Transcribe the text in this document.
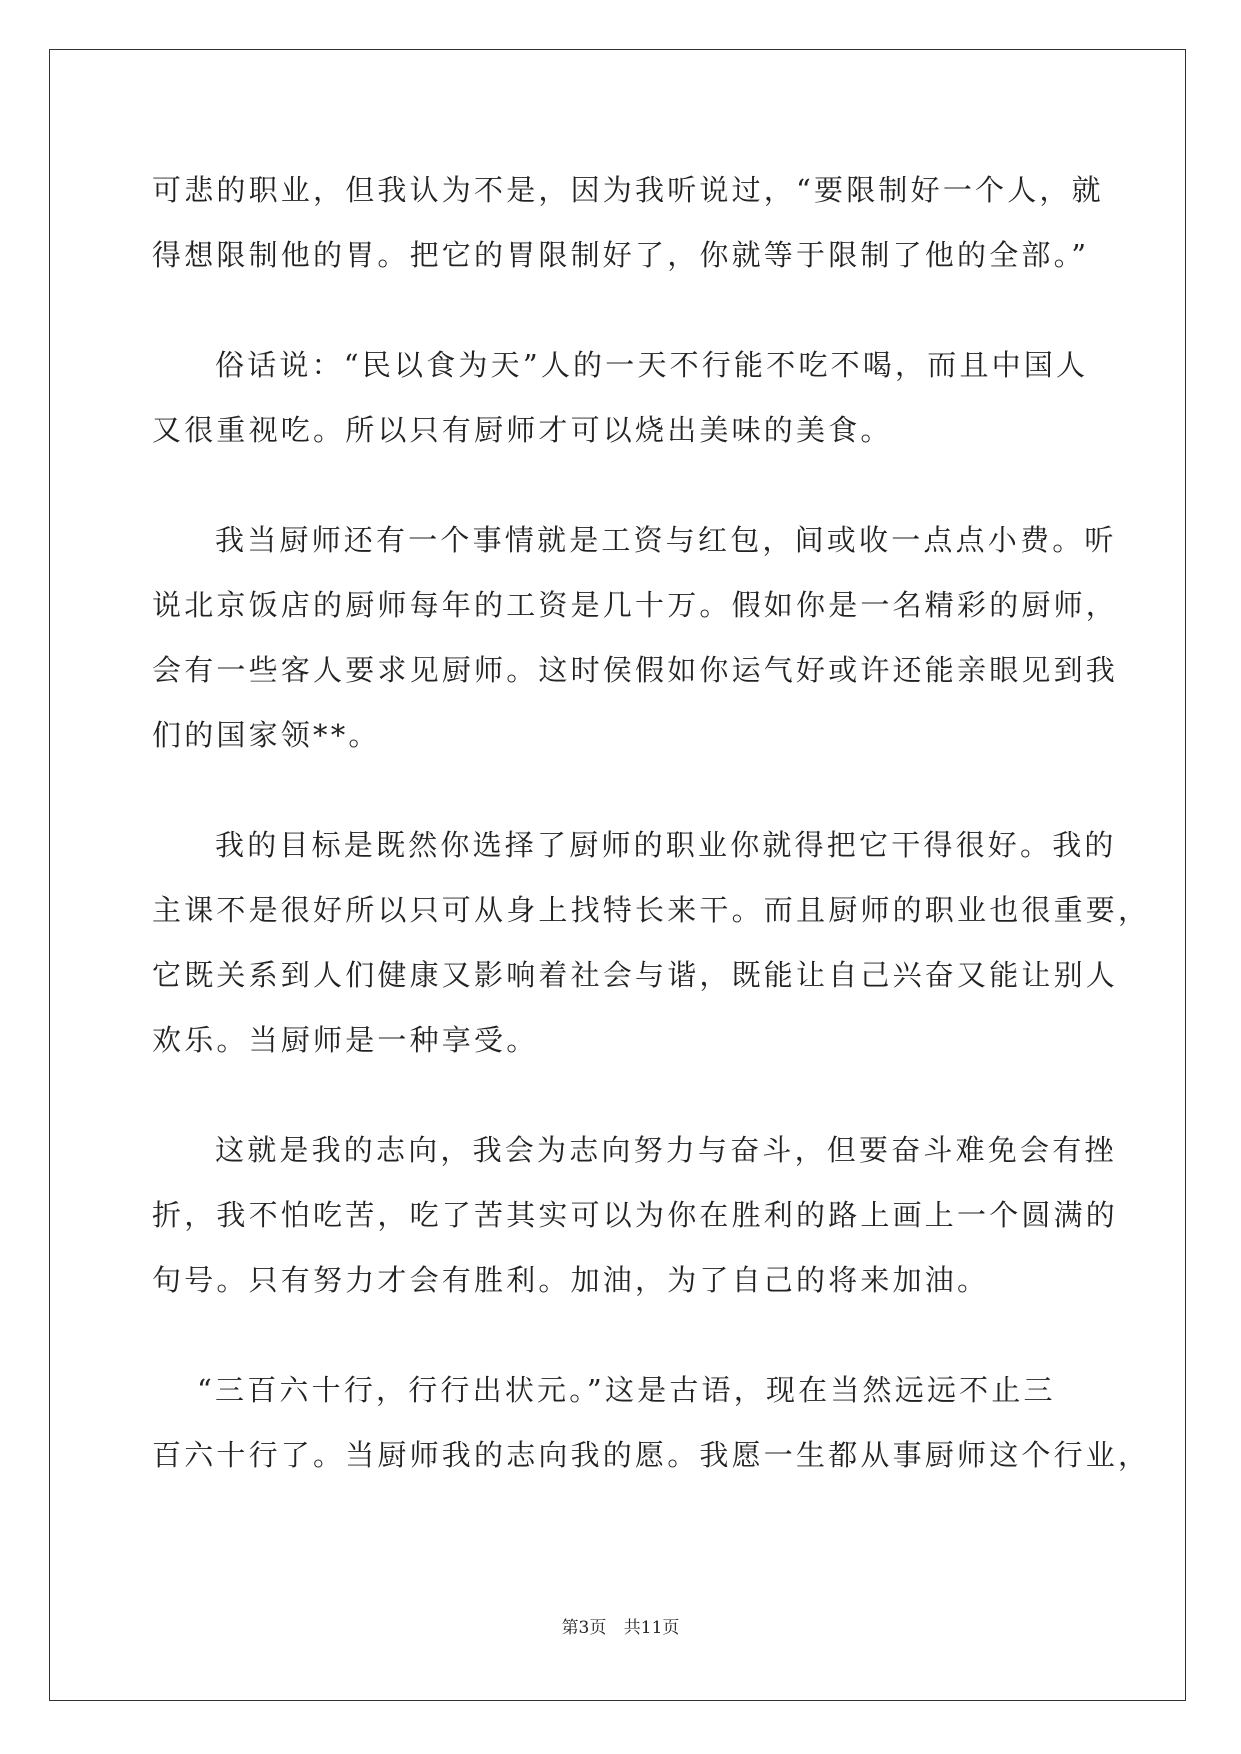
可悲的职业，但我认为不是，因为我听说过，“要限制好一个人，就
得想限制他的胃。把它的胃限制好了，你就等于限制了他的全部。”
俗话说：“民以食为天”人的一天不行能不吃不喝，而且中国人
又很重视吃。所以只有厨师才可以烧出美味的美食。
我当厨师还有一个事情就是工资与红包，间或收一点点小费。听
说北京饭店的厨师每年的工资是几十万。假如你是一名精彩的厨师，
会有一些客人要求见厨师。这时侯假如你运气好或许还能亲眼见到我
们的国家领**。
我的目标是既然你选择了厨师的职业你就得把它干得很好。我的
主课不是很好所以只可从身上找特长来干。而且厨师的职业也很重要，
它既关系到人们健康又影响着社会与谐，既能让自己兴奋又能让别人
欢乐。当厨师是一种享受。
这就是我的志向，我会为志向努力与奋斗，但要奋斗难免会有挫
折，我不怕吃苦，吃了苦其实可以为你在胜利的路上画上一个圆满的
句号。只有努力才会有胜利。加油，为了自己的将来加油。
“三百六十行，行行出状元。”这是古语，现在当然远远不止三
百六十行了。当厨师我的志向我的愿。我愿一生都从事厨师这个行业，
第3页 共11页
